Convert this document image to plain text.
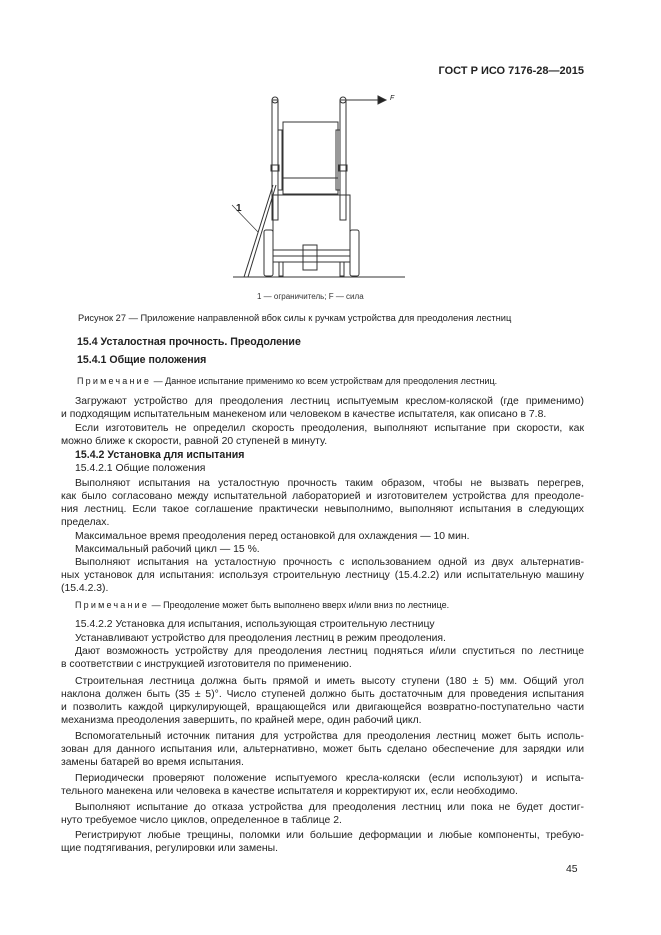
ГОСТ Р ИСО 7176-28—2015
1
F
1 — ограничитель; F — сила
Рисунок 27 — Приложение направленной вбок силы к ручкам устройства для преодоления лестниц
15.4 Усталостная прочность. Преодоление
15.4.1 Общие положения
Примечание — Данное испытание применимо ко всем устройствам для преодоления лестниц.
Загружают устройство для преодоления лестниц испытуемым креслом-коляской (где применимо)
и подходящим испытательным манекеном или человеком в качестве испытателя, как описано в 7.8.
Если изготовитель не определил скорость преодоления, выполняют испытание при скорости, как
можно ближе к скорости, равной 20 ступеней в минуту.
15.4.2 Установка для испытания
15.4.2.1 Общие положения
Выполняют испытания на усталостную прочность таким образом, чтобы не вызвать перегрев,
как было согласовано между испытательной лабораторией и изготовителем устройства для преодоле-
ния лестниц. Если такое соглашение практически невыполнимо, выполняют испытания в следующих
пределах.
Максимальное время преодоления перед остановкой для охлаждения — 10 мин.
Максимальный рабочий цикл — 15 %.
Выполняют испытания на усталостную прочность с использованием одной из двух альтернатив-
ных установок для испытания: используя строительную лестницу (15.4.2.2) или испытательную машину
(15.4.2.3).
Примечание — Преодоление может быть выполнено вверх и/или вниз по лестнице.
15.4.2.2 Установка для испытания, использующая строительную лестницу
Устанавливают устройство для преодоления лестниц в режим преодоления.
Дают возможность устройству для преодоления лестниц подняться и/или спуститься по лестнице
в соответствии с инструкцией изготовителя по применению.
Строительная лестница должна быть прямой и иметь высоту ступени (180 ± 5) мм. Общий угол
наклона должен быть (35 ± 5)°. Число ступеней должно быть достаточным для проведения испытания
и позволить каждой циркулирующей, вращающейся или двигающейся возвратно-поступательно части
механизма преодоления завершить, по крайней мере, один рабочий цикл.
Вспомогательный источник питания для устройства для преодоления лестниц может быть исполь-
зован для данного испытания или, альтернативно, может быть сделано обеспечение для зарядки или
замены батарей во время испытания.
Периодически проверяют положение испытуемого кресла-коляски (если используют) и испыта-
тельного манекена или человека в качестве испытателя и корректируют их, если необходимо.
Выполняют испытание до отказа устройства для преодоления лестниц или пока не будет достиг-
нуто требуемое число циклов, определенное в таблице 2.
Регистрируют любые трещины, поломки или большие деформации и любые компоненты, требую-
щие подтягивания, регулировки или замены.
45
